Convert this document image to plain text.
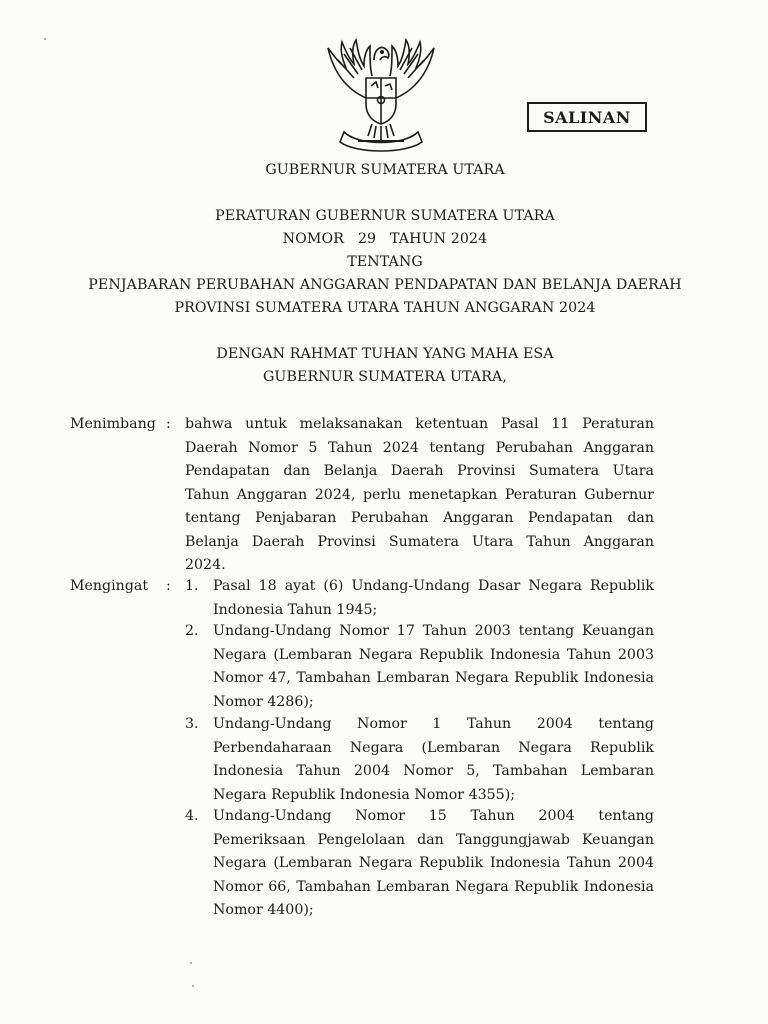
SALINAN
GUBERNUR SUMATERA UTARA
PERATURAN GUBERNUR SUMATERA UTARA
NOMOR 29 TAHUN 2024
TENTANG
PENJABARAN PERUBAHAN ANGGARAN PENDAPATAN DAN BELANJA DAERAH
PROVINSI SUMATERA UTARA TAHUN ANGGARAN 2024
DENGAN RAHMAT TUHAN YANG MAHA ESA
GUBERNUR SUMATERA UTARA,
Menimbang : bahwa untuk melaksanakan ketentuan Pasal 11 Peraturan
Daerah Nomor 5 Tahun 2024 tentang Perubahan Anggaran
Pendapatan dan Belanja Daerah Provinsi Sumatera Utara
Tahun Anggaran 2024, perlu menetapkan Peraturan Gubernur
tentang Penjabaran Perubahan Anggaran Pendapatan dan
Belanja Daerah Provinsi Sumatera Utara Tahun Anggaran
2024.
Mengingat : 1. Pasal 18 ayat (6) Undang-Undang Dasar Negara Republik
Indonesia Tahun 1945;
2. Undang-Undang Nomor 17 Tahun 2003 tentang Keuangan
Negara (Lembaran Negara Republik Indonesia Tahun 2003
Nomor 47, Tambahan Lembaran Negara Republik Indonesia
Nomor 4286);
3. Undang-Undang Nomor 1 Tahun 2004 tentang
Perbendaharaan Negara (Lembaran Negara Republik
Indonesia Tahun 2004 Nomor 5, Tambahan Lembaran
Negara Republik Indonesia Nomor 4355);
4. Undang-Undang Nomor 15 Tahun 2004 tentang
Pemeriksaan Pengelolaan dan Tanggungjawab Keuangan
Negara (Lembaran Negara Republik Indonesia Tahun 2004
Nomor 66, Tambahan Lembaran Negara Republik Indonesia
Nomor 4400);
